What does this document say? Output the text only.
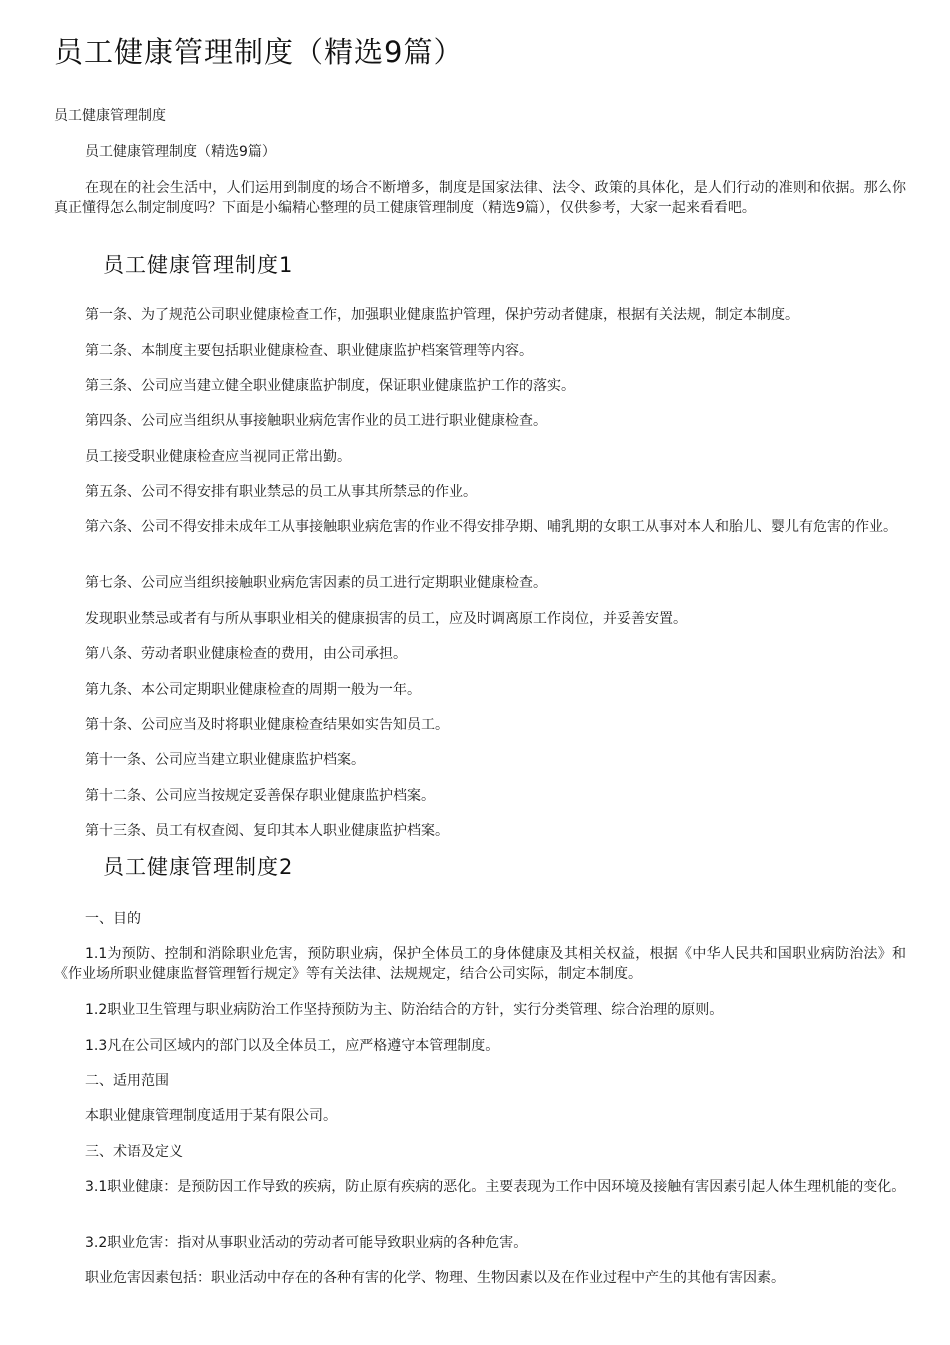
员工健康管理制度（精选9篇）

员工健康管理制度

员工健康管理制度（精选9篇）

在现在的社会生活中，人们运用到制度的场合不断增多，制度是国家法律、法令、政策的具体化，是人们行动的准则和依据。那么你真正懂得怎么制定制度吗？下面是小编精心整理的员工健康管理制度（精选9篇），仅供参考，大家一起来看看吧。

员工健康管理制度1

第一条、为了规范公司职业健康检查工作，加强职业健康监护管理，保护劳动者健康，根据有关法规，制定本制度。

第二条、本制度主要包括职业健康检查、职业健康监护档案管理等内容。

第三条、公司应当建立健全职业健康监护制度，保证职业健康监护工作的落实。

第四条、公司应当组织从事接触职业病危害作业的员工进行职业健康检查。

员工接受职业健康检查应当视同正常出勤。

第五条、公司不得安排有职业禁忌的员工从事其所禁忌的作业。

第六条、公司不得安排未成年工从事接触职业病危害的作业不得安排孕期、哺乳期的女职工从事对本人和胎儿、婴儿有危害的作业。

第七条、公司应当组织接触职业病危害因素的员工进行定期职业健康检查。

发现职业禁忌或者有与所从事职业相关的健康损害的员工，应及时调离原工作岗位，并妥善安置。

第八条、劳动者职业健康检查的费用，由公司承担。

第九条、本公司定期职业健康检查的周期一般为一年。

第十条、公司应当及时将职业健康检查结果如实告知员工。

第十一条、公司应当建立职业健康监护档案。

第十二条、公司应当按规定妥善保存职业健康监护档案。

第十三条、员工有权查阅、复印其本人职业健康监护档案。

员工健康管理制度2

一、目的

1.1为预防、控制和消除职业危害，预防职业病，保护全体员工的身体健康及其相关权益，根据《中华人民共和国职业病防治法》和《作业场所职业健康监督管理暂行规定》等有关法律、法规规定，结合公司实际，制定本制度。

1.2职业卫生管理与职业病防治工作坚持预防为主、防治结合的方针，实行分类管理、综合治理的原则。

1.3凡在公司区域内的部门以及全体员工，应严格遵守本管理制度。

二、适用范围

本职业健康管理制度适用于某有限公司。

三、术语及定义

3.1职业健康：是预防因工作导致的疾病，防止原有疾病的恶化。主要表现为工作中因环境及接触有害因素引起人体生理机能的变化。

3.2职业危害：指对从事职业活动的劳动者可能导致职业病的各种危害。

职业危害因素包括：职业活动中存在的各种有害的化学、物理、生物因素以及在作业过程中产生的其他有害因素。
